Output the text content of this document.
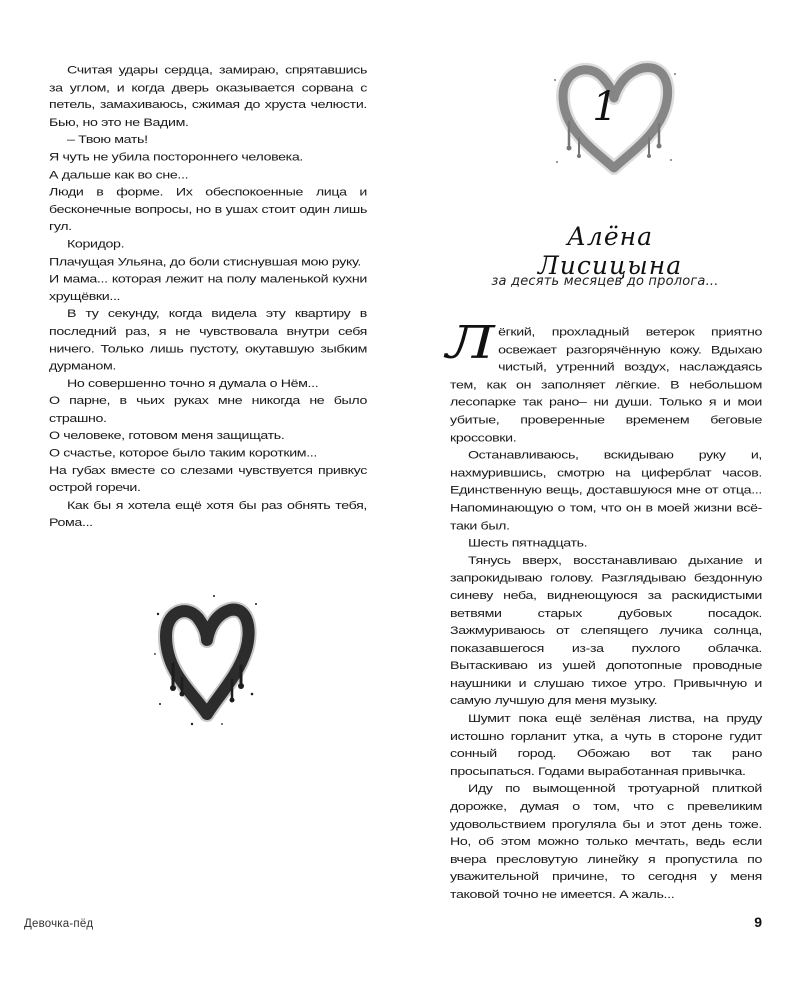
Считая удары сердца, замираю, спрятавшись за углом, и когда дверь оказывается сорвана с петель, замахиваюсь, сжимая до хруста челюсти. Бью, но это не Вадим.

– Твою мать!

Я чуть не убила постороннего человека.

А дальше как во сне...

Люди в форме. Их обеспокоенные лица и бесконечные вопросы, но в ушах стоит один лишь гул.

Коридор.

Плачущая Ульяна, до боли стиснувшая мою руку.

И мама... которая лежит на полу маленькой кухни хрущёвки...

В ту секунду, когда видела эту квартиру в последний раз, я не чувствовала внутри себя ничего. Только лишь пустоту, окутавшую зыбким дурманом.

Но совершенно точно я думала о Нём...

О парне, в чьих руках мне никогда не было страшно.

О человеке, готовом меня защищать.

О счастье, которое было таким коротким...

На губах вместе со слезами чувствуется привкус острой горечи.

Как бы я хотела ещё хотя бы раз обнять тебя, Рома...

Девочка-пёд
1
Алёна Лисицына
за десять месяцев до пролога...

Лёгкий, прохладный ветерок приятно освежает разгорячённую кожу. Вдыхаю чистый, утренний воздух, наслаждаясь тем, как он заполняет лёгкие. В небольшом лесопарке так рано– ни души. Только я и мои убитые, проверенные временем беговые кроссовки.

Останавливаюсь, вскидываю руку и, нахмурившись, смотрю на циферблат часов. Единственную вещь, доставшуюся мне от отца... Напоминающую о том, что он в моей жизни всё-таки был.

Шесть пятнадцать.

Тянусь вверх, восстанавливаю дыхание и запрокидываю голову. Разглядываю бездонную синеву неба, виднеющуюся за раскидистыми ветвями старых дубовых посадок. Зажмуриваюсь от слепящего лучика солнца, показавшегося из-за пухлого облачка. Вытаскиваю из ушей допотопные проводные наушники и слушаю тихое утро. Привычную и самую лучшую для меня музыку.

Шумит пока ещё зелёная листва, на пруду истошно горланит утка, а чуть в стороне гудит сонный город. Обожаю вот так рано просыпаться. Годами выработанная привычка.

Иду по вымощенной тротуарной плиткой дорожке, думая о том, что с превеликим удовольствием прогуляла бы и этот день тоже. Но, об этом можно только мечтать, ведь если вчера пресловутую линейку я пропустила по уважительной причине, то сегодня у меня таковой точно не имеется. А жаль...

9
